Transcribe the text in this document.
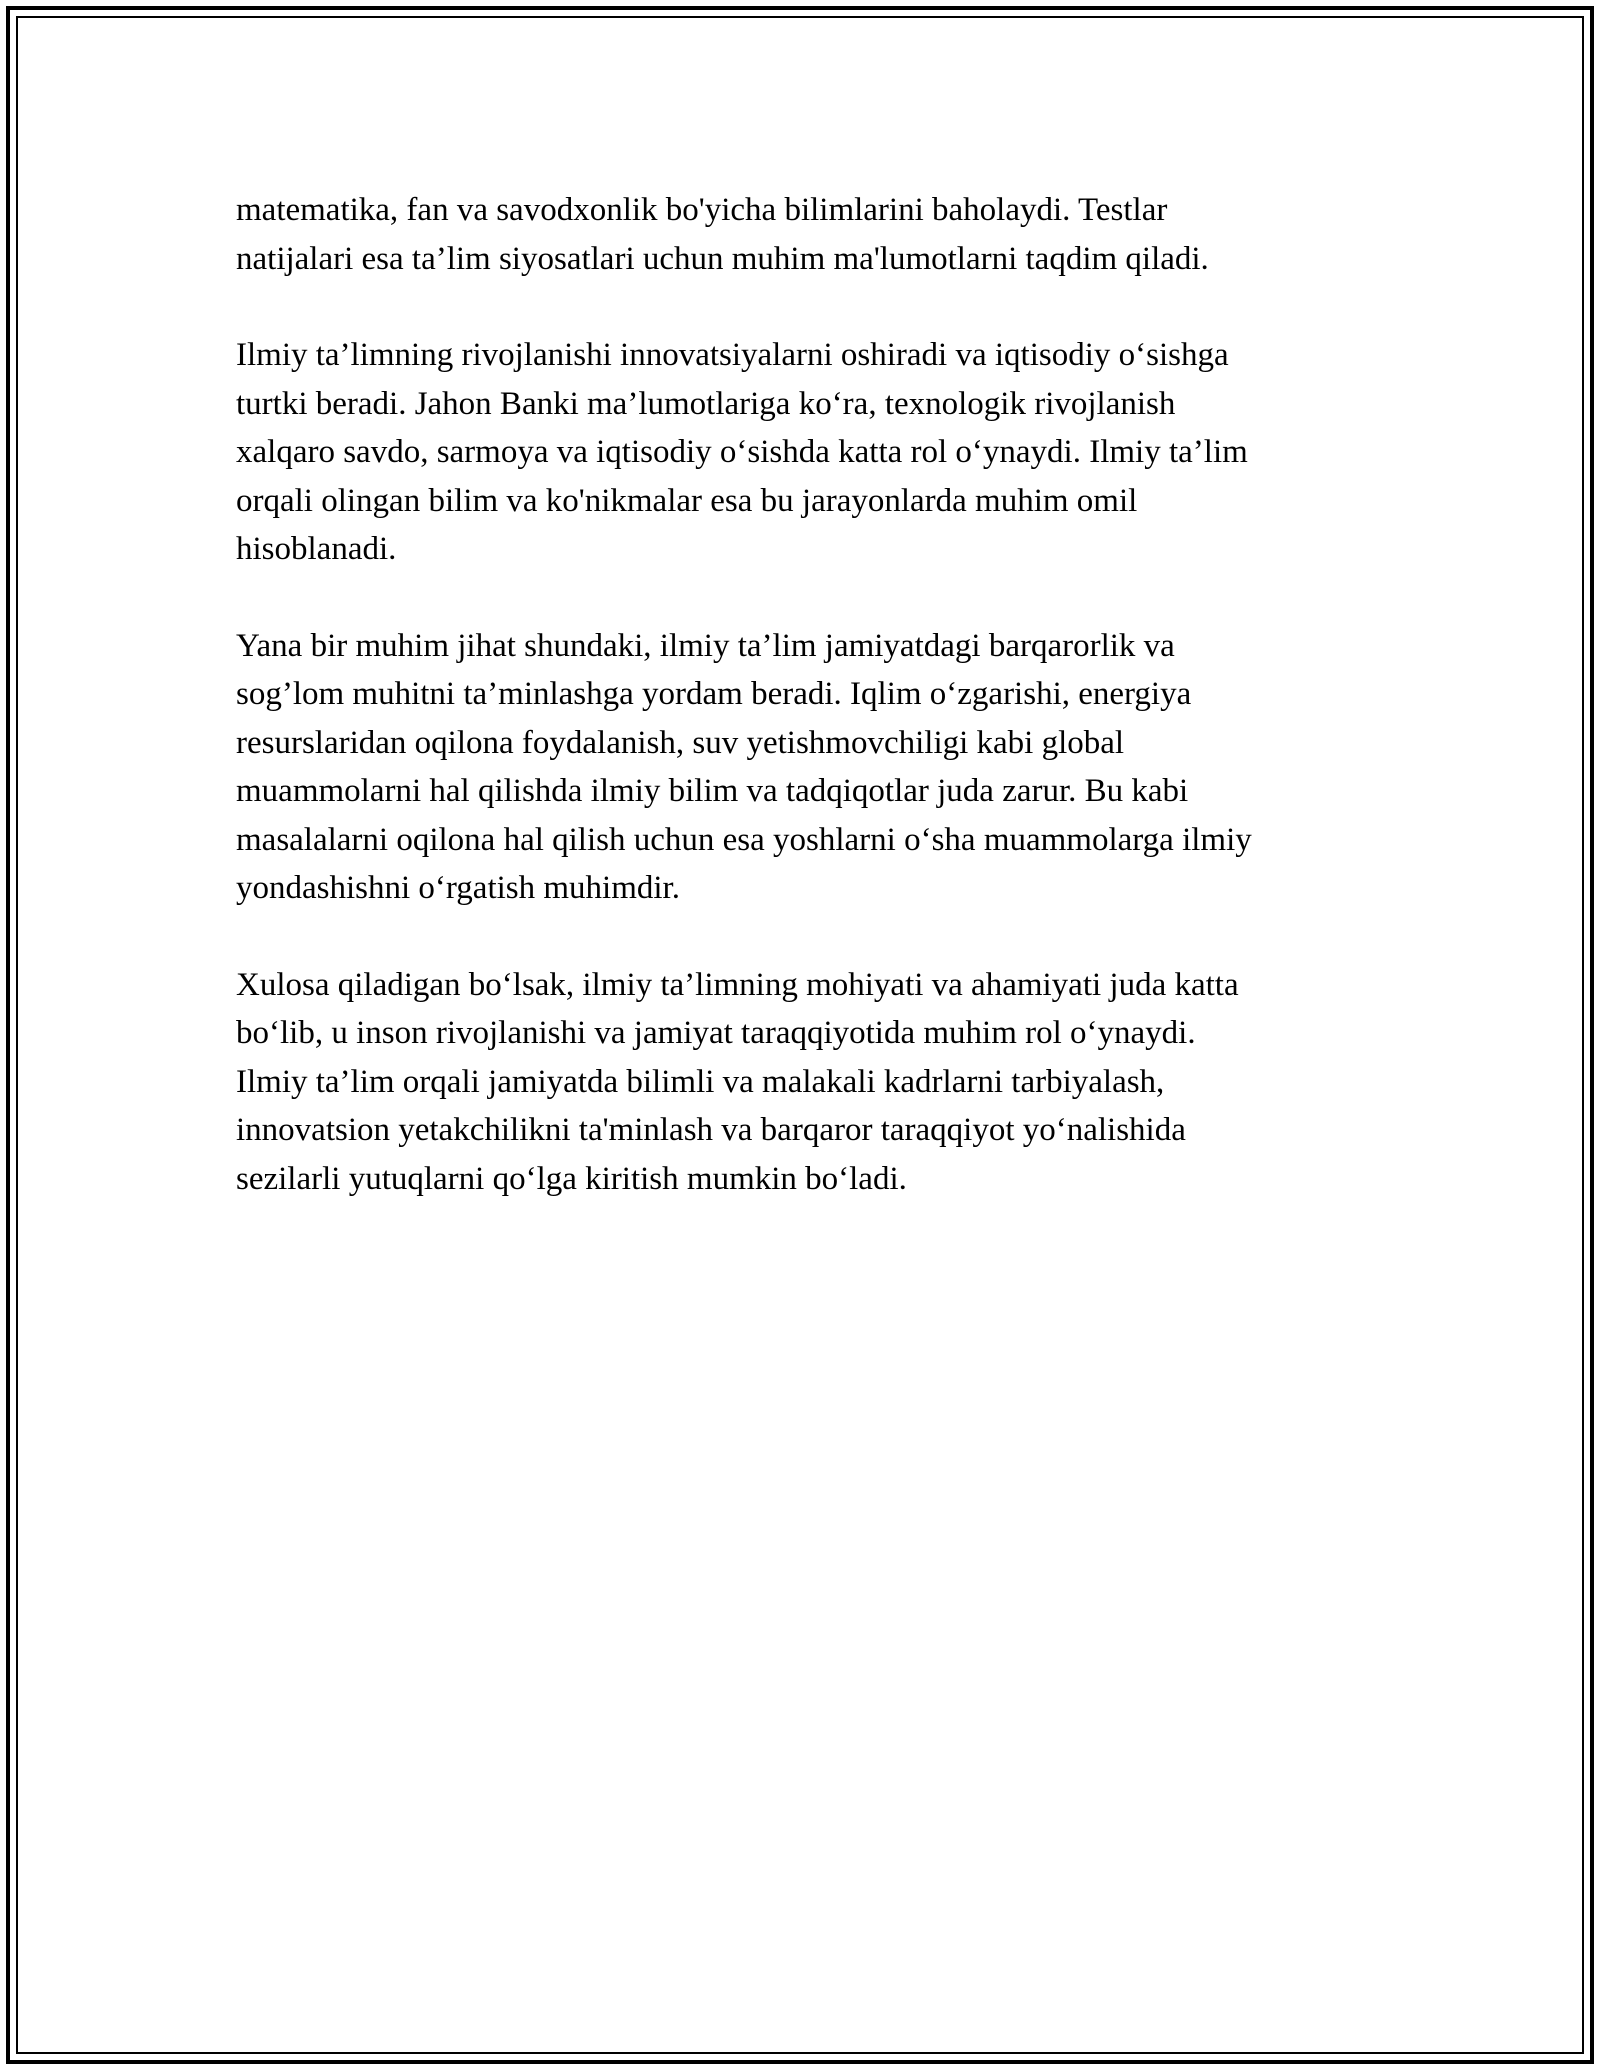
matematika, fan va savodxonlik bo'yicha bilimlarini baholaydi. Testlar
natijalari esa ta’lim siyosatlari uchun muhim ma'lumotlarni taqdim qiladi.

Ilmiy ta’limning rivojlanishi innovatsiyalarni oshiradi va iqtisodiy o‘sishga
turtki beradi. Jahon Banki ma’lumotlariga ko‘ra, texnologik rivojlanish
xalqaro savdo, sarmoya va iqtisodiy o‘sishda katta rol o‘ynaydi. Ilmiy ta’lim
orqali olingan bilim va ko'nikmalar esa bu jarayonlarda muhim omil
hisoblanadi.

Yana bir muhim jihat shundaki, ilmiy ta’lim jamiyatdagi barqarorlik va
sog’lom muhitni ta’minlashga yordam beradi. Iqlim o‘zgarishi, energiya
resurslaridan oqilona foydalanish, suv yetishmovchiligi kabi global
muammolarni hal qilishda ilmiy bilim va tadqiqotlar juda zarur. Bu kabi
masalalarni oqilona hal qilish uchun esa yoshlarni o‘sha muammolarga ilmiy
yondashishni o‘rgatish muhimdir.

Xulosa qiladigan bo‘lsak, ilmiy ta’limning mohiyati va ahamiyati juda katta
bo‘lib, u inson rivojlanishi va jamiyat taraqqiyotida muhim rol o‘ynaydi.
Ilmiy ta’lim orqali jamiyatda bilimli va malakali kadrlarni tarbiyalash,
innovatsion yetakchilikni ta'minlash va barqaror taraqqiyot yo‘nalishida
sezilarli yutuqlarni qo‘lga kiritish mumkin bo‘ladi.
